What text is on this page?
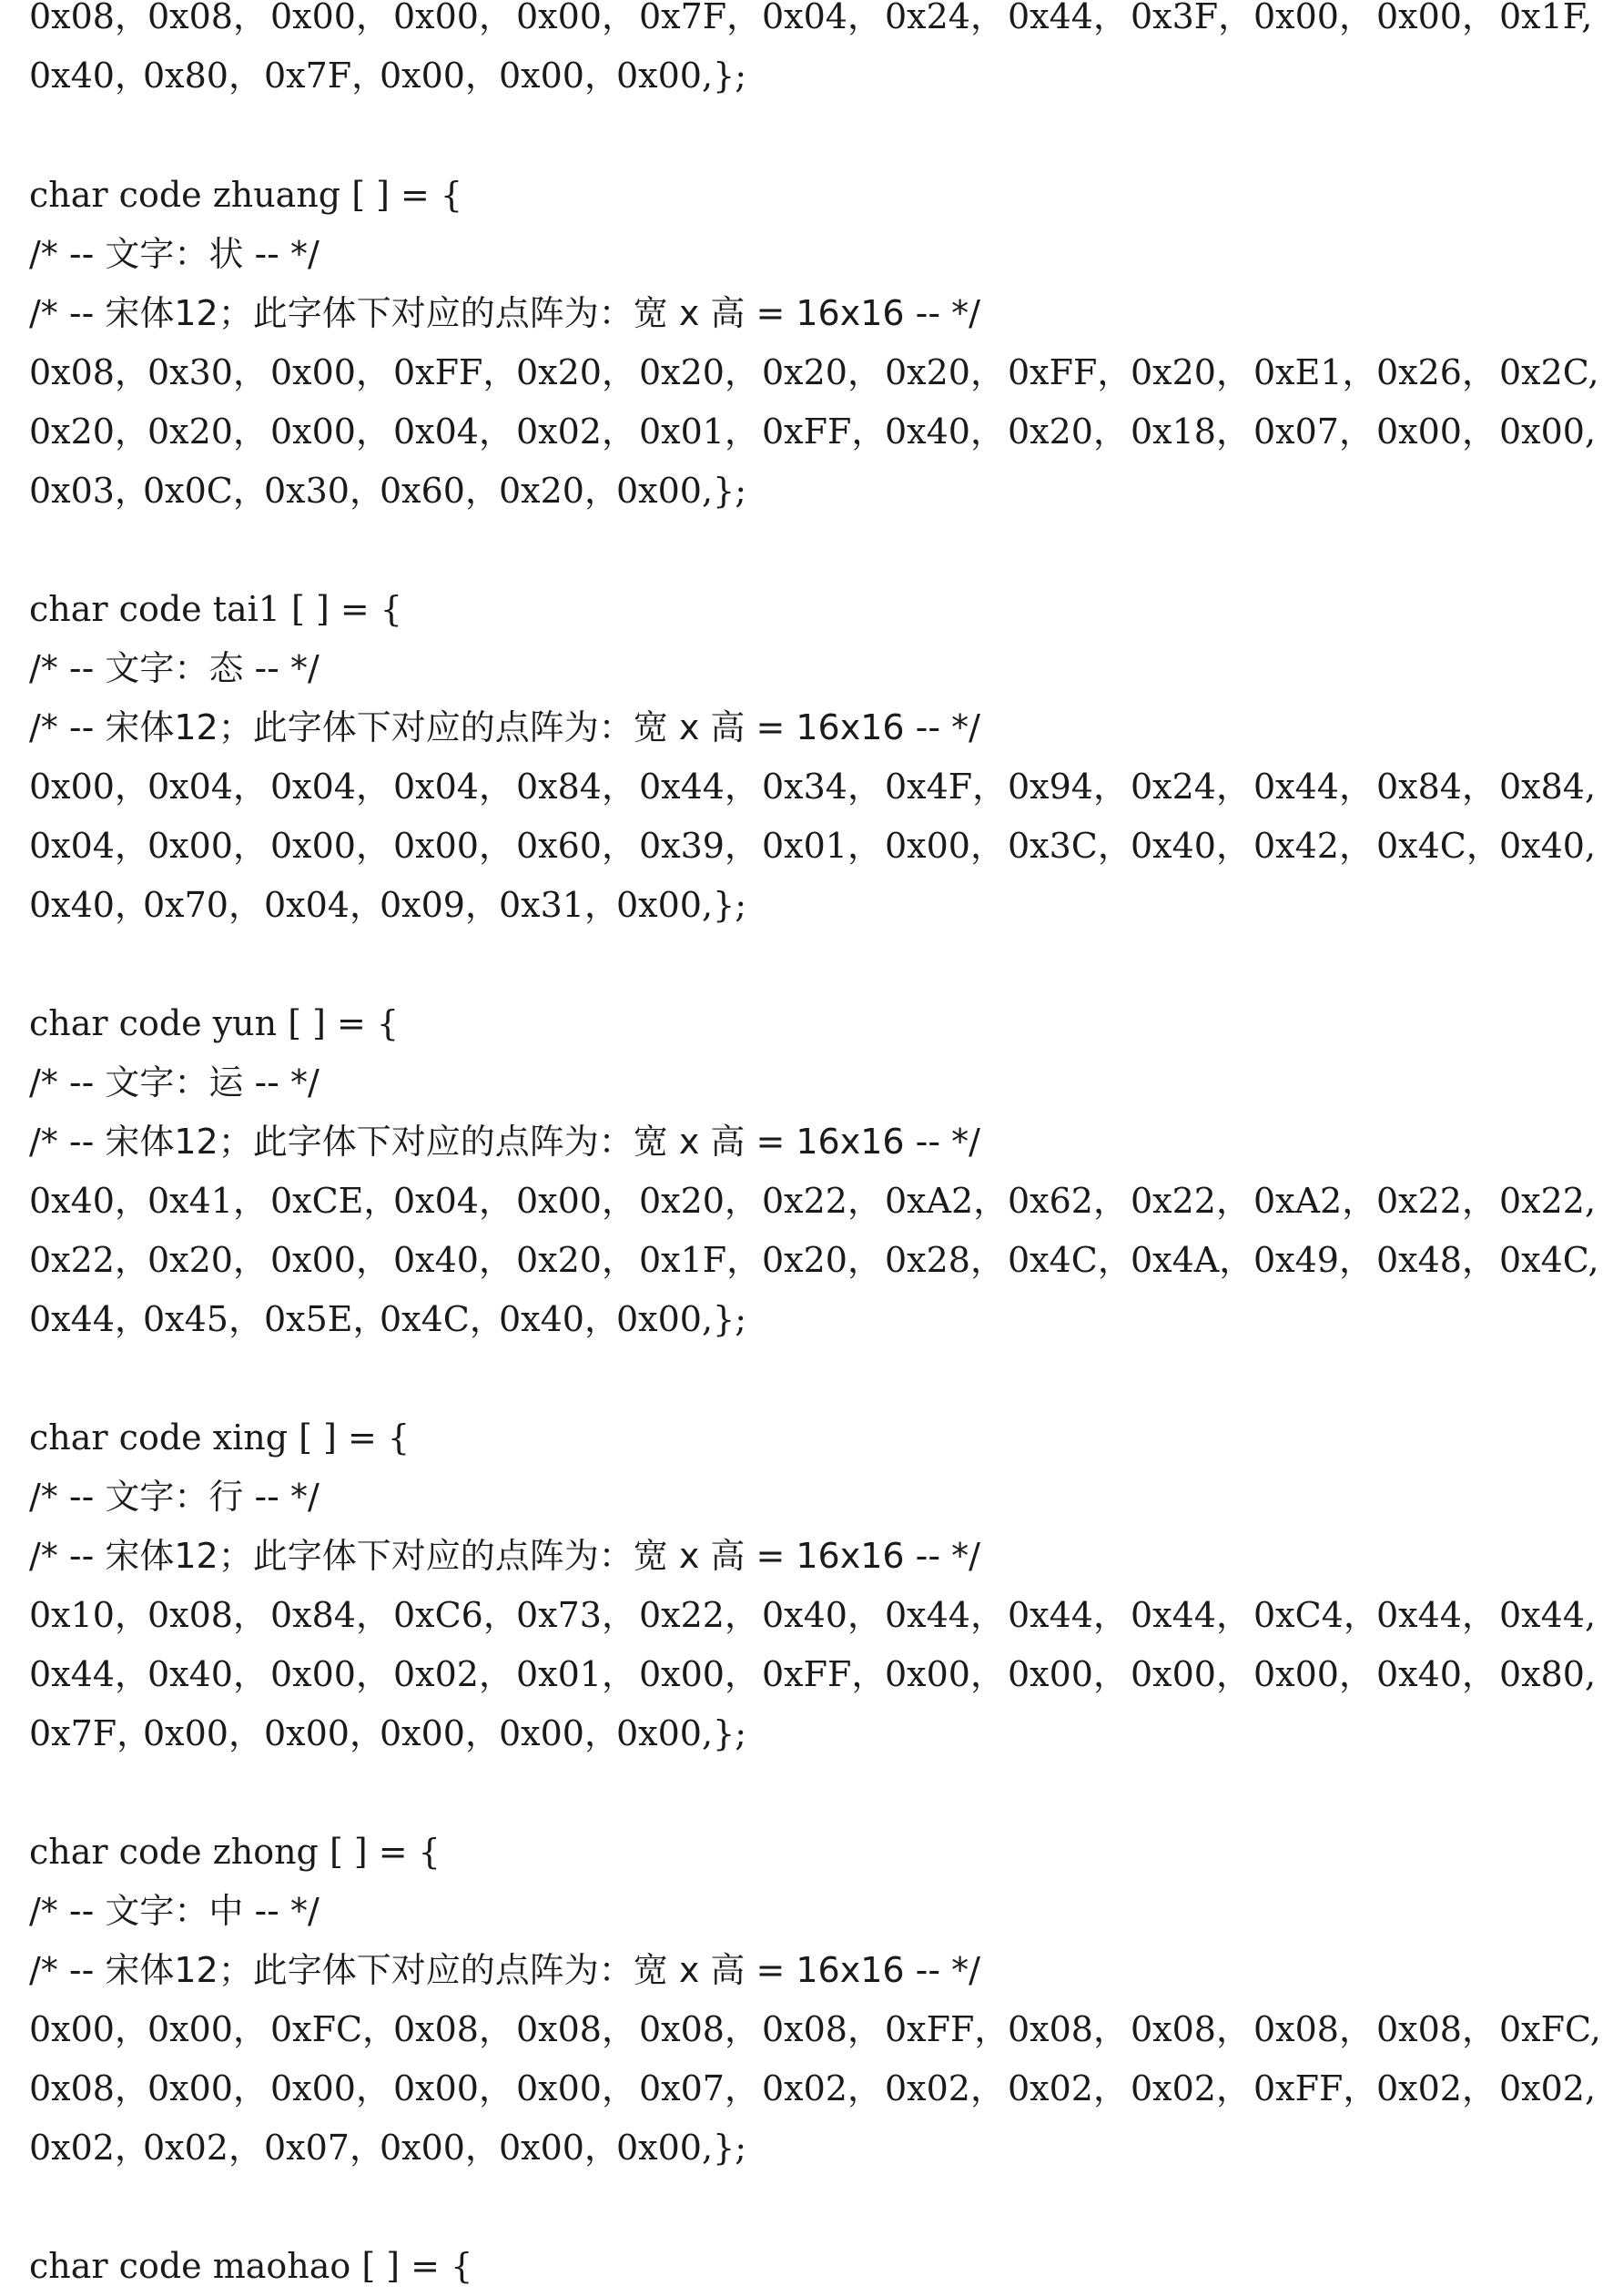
0x08，
0x08， 0x00， 0x00， 0x00， 0x7F， 0x04， 0x24， 0x44， 0x3F， 0x00， 0x00， 0x1F,
0x40，
0x80， 0x7F，
0x00， 0x00，
0x00,};
char code zhuang [ ] = {
/* -- 文字：状 -- */
/* -- 宋体12；此字体下对应的点阵为：宽 x 高 = 16x16 -- */
0x08，
0x30， 0x00， 0xFF，
0x20， 0x20， 0x20， 0x20， 0xFF，
0x20， 0xE1， 0x26， 0x2C,
0x20，
0x20， 0x00， 0x04， 0x02， 0x01， 0xFF，
0x40， 0x20， 0x18， 0x07， 0x00， 0x00,
0x03，
0x0C，
0x30，
0x60， 0x20，
0x00,};
char code tai1 [ ] = {
/* -- 文字：态 -- */
/* -- 宋体12；此字体下对应的点阵为：宽 x 高 = 16x16 -- */
0x00，
0x04， 0x04， 0x04， 0x84， 0x44， 0x34， 0x4F， 0x94， 0x24， 0x44， 0x84， 0x84,
0x04，
0x00， 0x00， 0x00， 0x60， 0x39， 0x01， 0x00， 0x3C，
0x40， 0x42， 0x4C，
0x40,
0x40，
0x70， 0x04，
0x09， 0x31，
0x00,};
char code yun [ ] = {
/* -- 文字：运 -- */
/* -- 宋体12；此字体下对应的点阵为：宽 x 高 = 16x16 -- */
0x40，
0x41， 0xCE，
0x04， 0x00， 0x20， 0x22， 0xA2， 0x62， 0x22， 0xA2， 0x22， 0x22,
0x22，
0x20， 0x00， 0x40， 0x20， 0x1F， 0x20， 0x28， 0x4C，
0x4A， 0x49， 0x48， 0x4C,
0x44，
0x45， 0x5E，
0x4C，
0x40，
0x00,};
char code xing [ ] = {
/* -- 文字：行 -- */
/* -- 宋体12；此字体下对应的点阵为：宽 x 高 = 16x16 -- */
0x10，
0x08， 0x84， 0xC6，
0x73， 0x22， 0x40， 0x44， 0x44， 0x44， 0xC4，
0x44， 0x44,
0x44，
0x40， 0x00， 0x02， 0x01， 0x00， 0xFF，
0x00， 0x00， 0x00， 0x00， 0x40， 0x80,
0x7F，
0x00， 0x00，
0x00， 0x00，
0x00,};
char code zhong [ ] = {
/* -- 文字：中 -- */
/* -- 宋体12；此字体下对应的点阵为：宽 x 高 = 16x16 -- */
0x00，
0x00， 0xFC，
0x08， 0x08， 0x08， 0x08， 0xFF，
0x08， 0x08， 0x08， 0x08， 0xFC,
0x08，
0x00， 0x00， 0x00， 0x00， 0x07， 0x02， 0x02， 0x02， 0x02， 0xFF，
0x02， 0x02,
0x02，
0x02， 0x07，
0x00， 0x00，
0x00,};
char code maohao [ ] = {
